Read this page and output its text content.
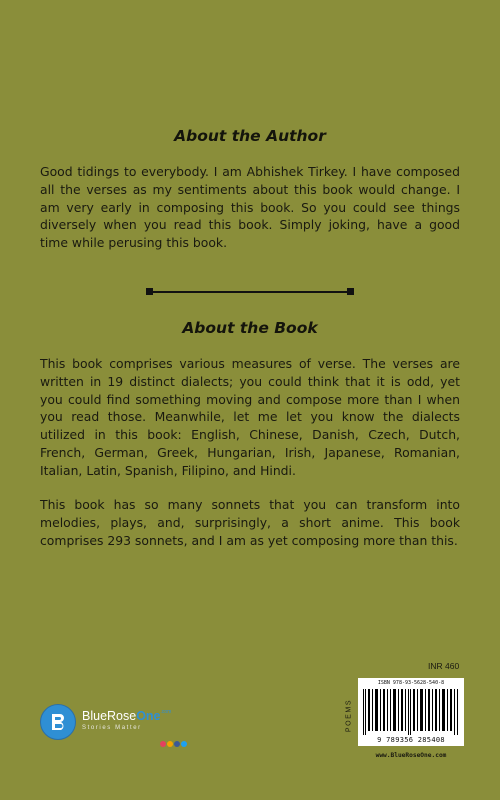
About the Author

Good tidings to everybody. I am Abhishek Tirkey. I have composed all the verses as my sentiments about this book would change. I am very early in composing this book. So you could see things diversely when you read this book. Simply joking, have a good time while perusing this book.

About the Book

This book comprises various measures of verse. The verses are written in 19 distinct dialects; you could think that it is odd, yet you could find something moving and compose more than I when you read those. Meanwhile, let me let you know the dialects utilized in this book: English, Chinese, Danish, Czech, Dutch, French, German, Greek, Hungarian, Irish, Japanese, Romanian, Italian, Latin, Spanish, Filipino, and Hindi.

This book has so many sonnets that you can transform into melodies, plays, and, surprisingly, a short anime. This book comprises 293 sonnets, and I am as yet composing more than this.

BlueRoseOne$^{.com}$
Stories Matter
INR 460
POEMS
ISBN 978-93-5628-540-8
9 789356 285408
www.BlueRoseOne.com
